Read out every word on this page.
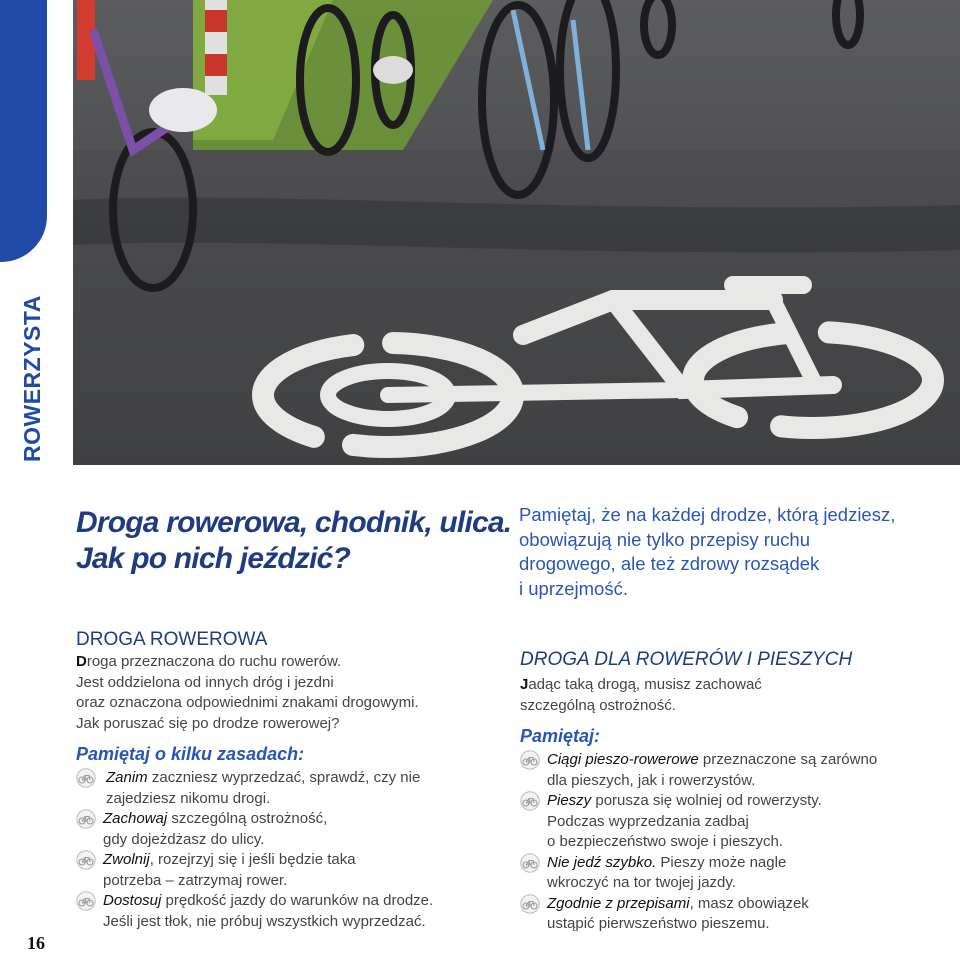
ROWERZYSTA
16
Droga rowerowa, chodnik, ulica.
Jak po nich jeździć?
Pamiętaj, że na każdej drodze, którą jedziesz,
obowiązują nie tylko przepisy ruchu
drogowego, ale też zdrowy rozsądek
i uprzejmość.
DROGA ROWEROWA
Droga przeznaczona do ruchu rowerów.
Jest oddzielona od innych dróg i jezdni
oraz oznaczona odpowiednimi znakami drogowymi.
Jak poruszać się po drodze rowerowej?
Pamiętaj o kilku zasadach:
Zanim zaczniesz wyprzedzać, sprawdź, czy nie
zajedziesz nikomu drogi.
Zachowaj szczególną ostrożność,
gdy dojeżdżasz do ulicy.
Zwolnij, rozejrzyj się i jeśli będzie taka
potrzeba – zatrzymaj rower.
Dostosuj prędkość jazdy do warunków na drodze.
Jeśli jest tłok, nie próbuj wszystkich wyprzedzać.
DROGA DLA ROWERÓW I PIESZYCH
Jadąc taką drogą, musisz zachować
szczególną ostrożność.
Pamiętaj:
Ciągi pieszo-rowerowe przeznaczone są zarówno
dla pieszych, jak i rowerzystów.
Pieszy porusza się wolniej od rowerzysty.
Podczas wyprzedzania zadbaj
o bezpieczeństwo swoje i pieszych.
Nie jedź szybko. Pieszy może nagle
wkroczyć na tor twojej jazdy.
Zgodnie z przepisami, masz obowiązek
ustąpić pierwszeństwo pieszemu.
